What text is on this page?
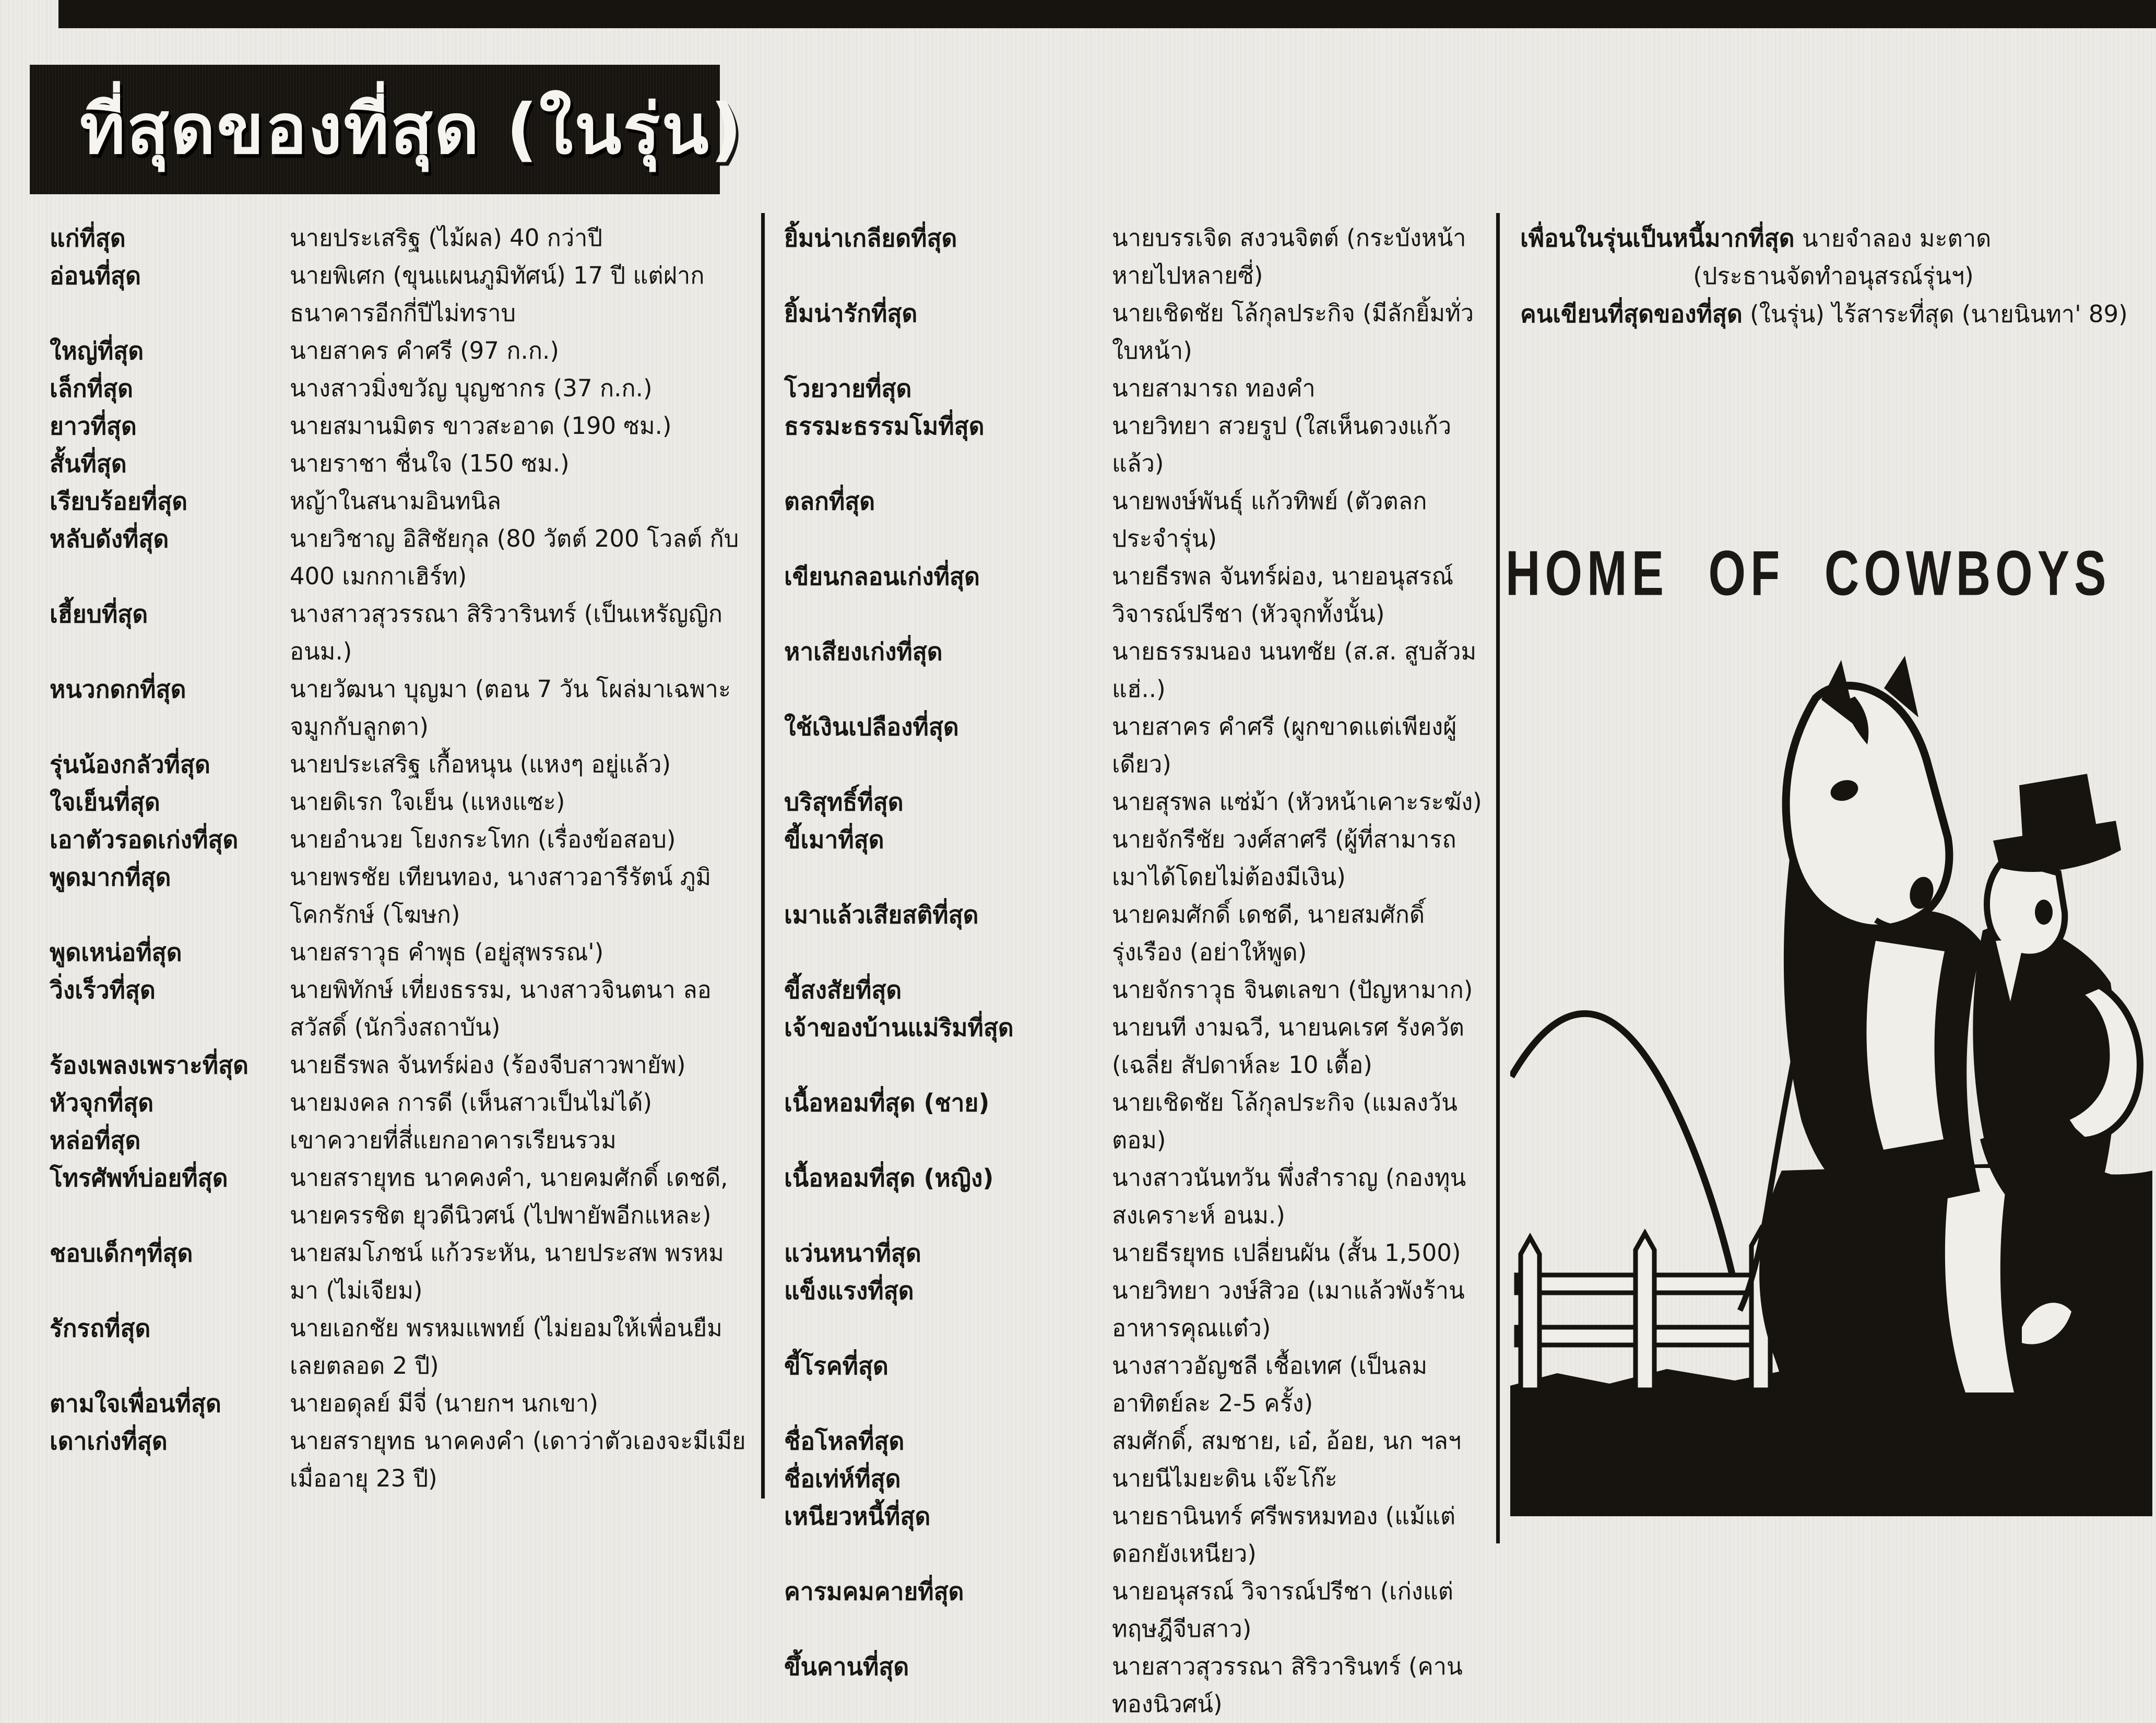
ที่สุดของที่สุด (ในรุ่น)
แก่ที่สุด	นายประเสริฐ (ไม้ผล) 40 กว่าปี
อ่อนที่สุด	นายพิเศก (ขุนแผนภูมิทัศน์) 17 ปี แต่ฝากธนาคารอีกกี่ปีไม่ทราบ
ใหญ่ที่สุด	นายสาคร คำศรี (97 ก.ก.)
เล็กที่สุด	นางสาวมิ่งขวัญ บุญชากร (37 ก.ก.)
ยาวที่สุด	นายสมานมิตร ขาวสะอาด (190 ซม.)
สั้นที่สุด	นายราชา ชื่นใจ (150 ซม.)
เรียบร้อยที่สุด	หญ้าในสนามอินทนิล
หลับดังที่สุด	นายวิชาญ อิสิชัยกุล (80 วัตต์ 200 โวลต์ กับ 400 เมกกาเฮิร์ท)
เฮี้ยบที่สุด	นางสาวสุวรรณา สิริวารินทร์ (เป็นเหรัญญิก อนม.)
หนวกดกที่สุด	นายวัฒนา บุญมา (ตอน 7 วัน โผล่มาเฉพาะจมูกกับลูกตา)
รุ่นน้องกลัวที่สุด	นายประเสริฐ เกื้อหนุน (แหงๆ อยู่แล้ว)
ใจเย็นที่สุด	นายดิเรก ใจเย็น (แหงแซะ)
เอาตัวรอดเก่งที่สุด	นายอำนวย โยงกระโทก (เรื่องข้อสอบ)
พูดมากที่สุด	นายพรชัย เทียนทอง, นางสาวอารีรัตน์ ภูมิโคกรักษ์ (โฆษก)
พูดเหน่อที่สุด	นายสราวุธ คำพุธ (อยู่สุพรรณ')
วิ่งเร็วที่สุด	นายพิทักษ์ เที่ยงธรรม, นางสาวจินตนา ลอสวัสดิ์ (นักวิ่งสถาบัน)
ร้องเพลงเพราะที่สุด	นายธีรพล จันทร์ผ่อง (ร้องจีบสาวพายัพ)
หัวจุกที่สุด	นายมงคล การดี (เห็นสาวเป็นไม่ได้)
หล่อที่สุด	เขาควายที่สี่แยกอาคารเรียนรวม
โทรศัพท์บ่อยที่สุด	นายสรายุทธ นาคคงคำ, นายคมศักดิ์ เดชดี, นายครรชิต ยุวดีนิวศน์ (ไปพายัพอีกแหละ)
ชอบเด็กๆที่สุด	นายสมโภชน์ แก้วระหัน, นายประสพ พรหมมา (ไม่เจียม)
รักรถที่สุด	นายเอกชัย พรหมแพทย์ (ไม่ยอมให้เพื่อนยืมเลยตลอด 2 ปี)
ตามใจเพื่อนที่สุด	นายอดุลย์ มีจี่ (นายกฯ นกเขา)
เดาเก่งที่สุด	นายสรายุทธ นาคคงคำ (เดาว่าตัวเองจะมีเมียเมื่ออายุ 23 ปี)
ยิ้มน่าเกลียดที่สุด	นายบรรเจิด สงวนจิตต์ (กระบังหน้าหายไปหลายซี่)
ยิ้มน่ารักที่สุด	นายเชิดชัย โล้กุลประกิจ (มีลักยิ้มทั่วใบหน้า)
โวยวายที่สุด	นายสามารถ ทองคำ
ธรรมะธรรมโมที่สุด	นายวิทยา สวยรูป (ใสเห็นดวงแก้วแล้ว)
ตลกที่สุด	นายพงษ์พันธุ์ แก้วทิพย์ (ตัวตลกประจำรุ่น)
เขียนกลอนเก่งที่สุด	นายธีรพล จันทร์ผ่อง, นายอนุสรณ์ วิจารณ์ปรีชา (หัวจุกทั้งนั้น)
หาเสียงเก่งที่สุด	นายธรรมนอง นนทชัย (ส.ส. สูบส้วม แฮ่..)
ใช้เงินเปลืองที่สุด	นายสาคร คำศรี (ผูกขาดแต่เพียงผู้เดียว)
บริสุทธิ์ที่สุด	นายสุรพล แซ่ม้า (หัวหน้าเคาะระฆัง)
ขี้เมาที่สุด	นายจักรีชัย วงศ์สาศรี (ผู้ที่สามารถเมาได้โดยไม่ต้องมีเงิน)
เมาแล้วเสียสติที่สุด	นายคมศักดิ์ เดชดี, นายสมศักดิ์ รุ่งเรือง (อย่าให้พูด)
ขี้สงสัยที่สุด	นายจักราวุธ จินตเลขา (ปัญหามาก)
เจ้าของบ้านแม่ริมที่สุด	นายนที งามฉวี, นายนคเรศ รังควัต (เฉลี่ย สัปดาห์ละ 10 เตื้อ)
เนื้อหอมที่สุด (ชาย)	นายเชิดชัย โล้กุลประกิจ (แมลงวันตอม)
เนื้อหอมที่สุด (หญิง)	นางสาวนันทวัน พึ่งสำราญ (กองทุนสงเคราะห์ อนม.)
แว่นหนาที่สุด	นายธีรยุทธ เปลี่ยนผัน (สั้น 1,500)
แข็งแรงที่สุด	นายวิทยา วงษ์สิวอ (เมาแล้วพังร้านอาหารคุณแต๋ว)
ขี้โรคที่สุด	นางสาวอัญชลี เชื้อเทศ (เป็นลมอาทิตย์ละ 2-5 ครั้ง)
ชื่อโหลที่สุด	สมศักดิ์, สมชาย, เอ๋, อ้อย, นก ฯลฯ
ชื่อเท่ห์ที่สุด	นายนีไมยะดิน เจ๊ะโก๊ะ
เหนียวหนี้ที่สุด	นายธานินทร์ ศรีพรหมทอง (แม้แต่ดอกยังเหนียว)
คารมคมคายที่สุด	นายอนุสรณ์ วิจารณ์ปรีชา (เก่งแต่ทฤษฎีจีบสาว)
ขึ้นคานที่สุด	นายสาวสุวรรณา สิริวารินทร์ (คานทองนิวศน์)
เพื่อนในรุ่นเป็นหนี้มากที่สุด นายจำลอง มะตาด
(ประธานจัดทำอนุสรณ์รุ่นฯ)
คนเขียนที่สุดของที่สุด (ในรุ่น) ไร้สาระที่สุด (นายนินทา' 89)
HOME OF COWBOYS
